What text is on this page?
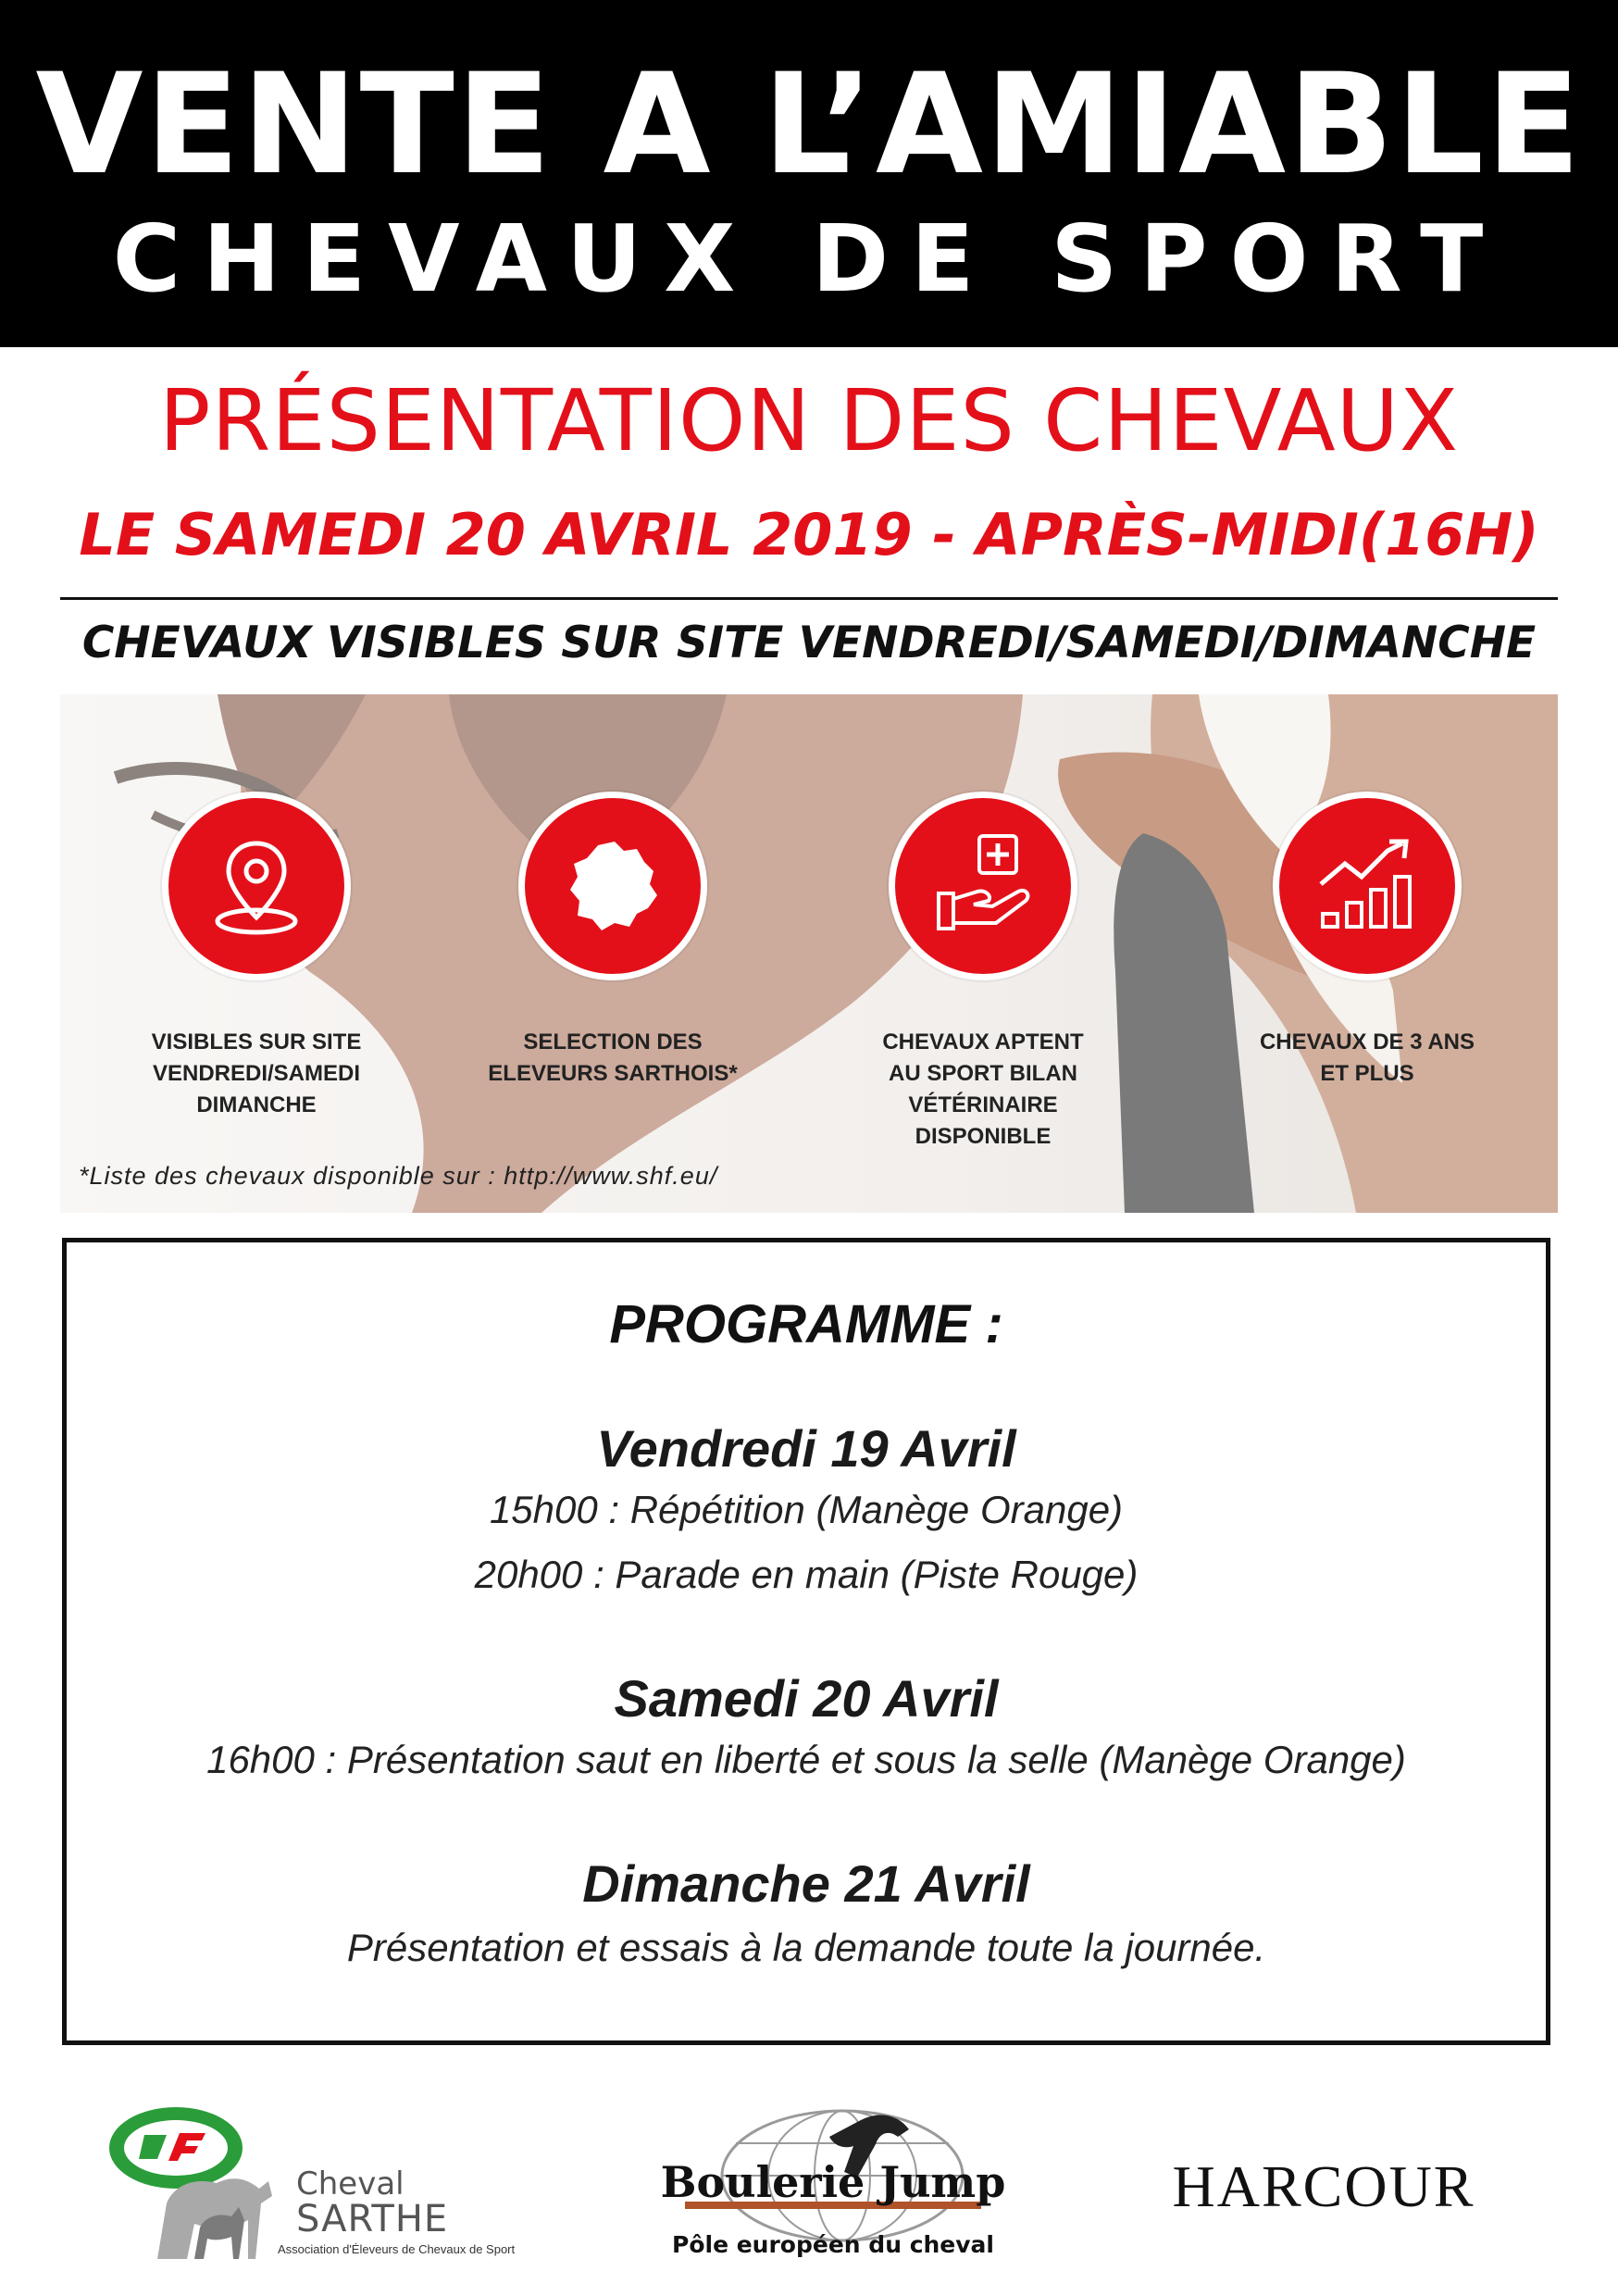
VENTE A L’AMIABLE
CHEVAUX DE SPORT
PRÉSENTATION DES CHEVAUX
LE SAMEDI 20 AVRIL 2019 - APRÈS-MIDI(16H)
CHEVAUX VISIBLES SUR SITE VENDREDI/SAMEDI/DIMANCHE
VISIBLES SUR SITE
VENDREDI/SAMEDI
DIMANCHE
SELECTION DES
ELEVEURS SARTHOIS*
CHEVAUX APTENT
AU SPORT BILAN
VÉTÉRINAIRE
DISPONIBLE
CHEVAUX DE 3 ANS
ET PLUS
*Liste des chevaux disponible sur : http://www.shf.eu/
PROGRAMME :
Vendredi 19 Avril
15h00 : Répétition (Manège Orange)
20h00 : Parade en main (Piste Rouge)
Samedi 20 Avril
16h00 : Présentation saut en liberté et sous la selle (Manège Orange)
Dimanche 21 Avril
Présentation et essais à la demande toute la journée.
Cheval
SARTHE
Association d'Éleveurs de Chevaux de Sport
Boulerie Jump
Pôle européen du cheval
HARCOUR
